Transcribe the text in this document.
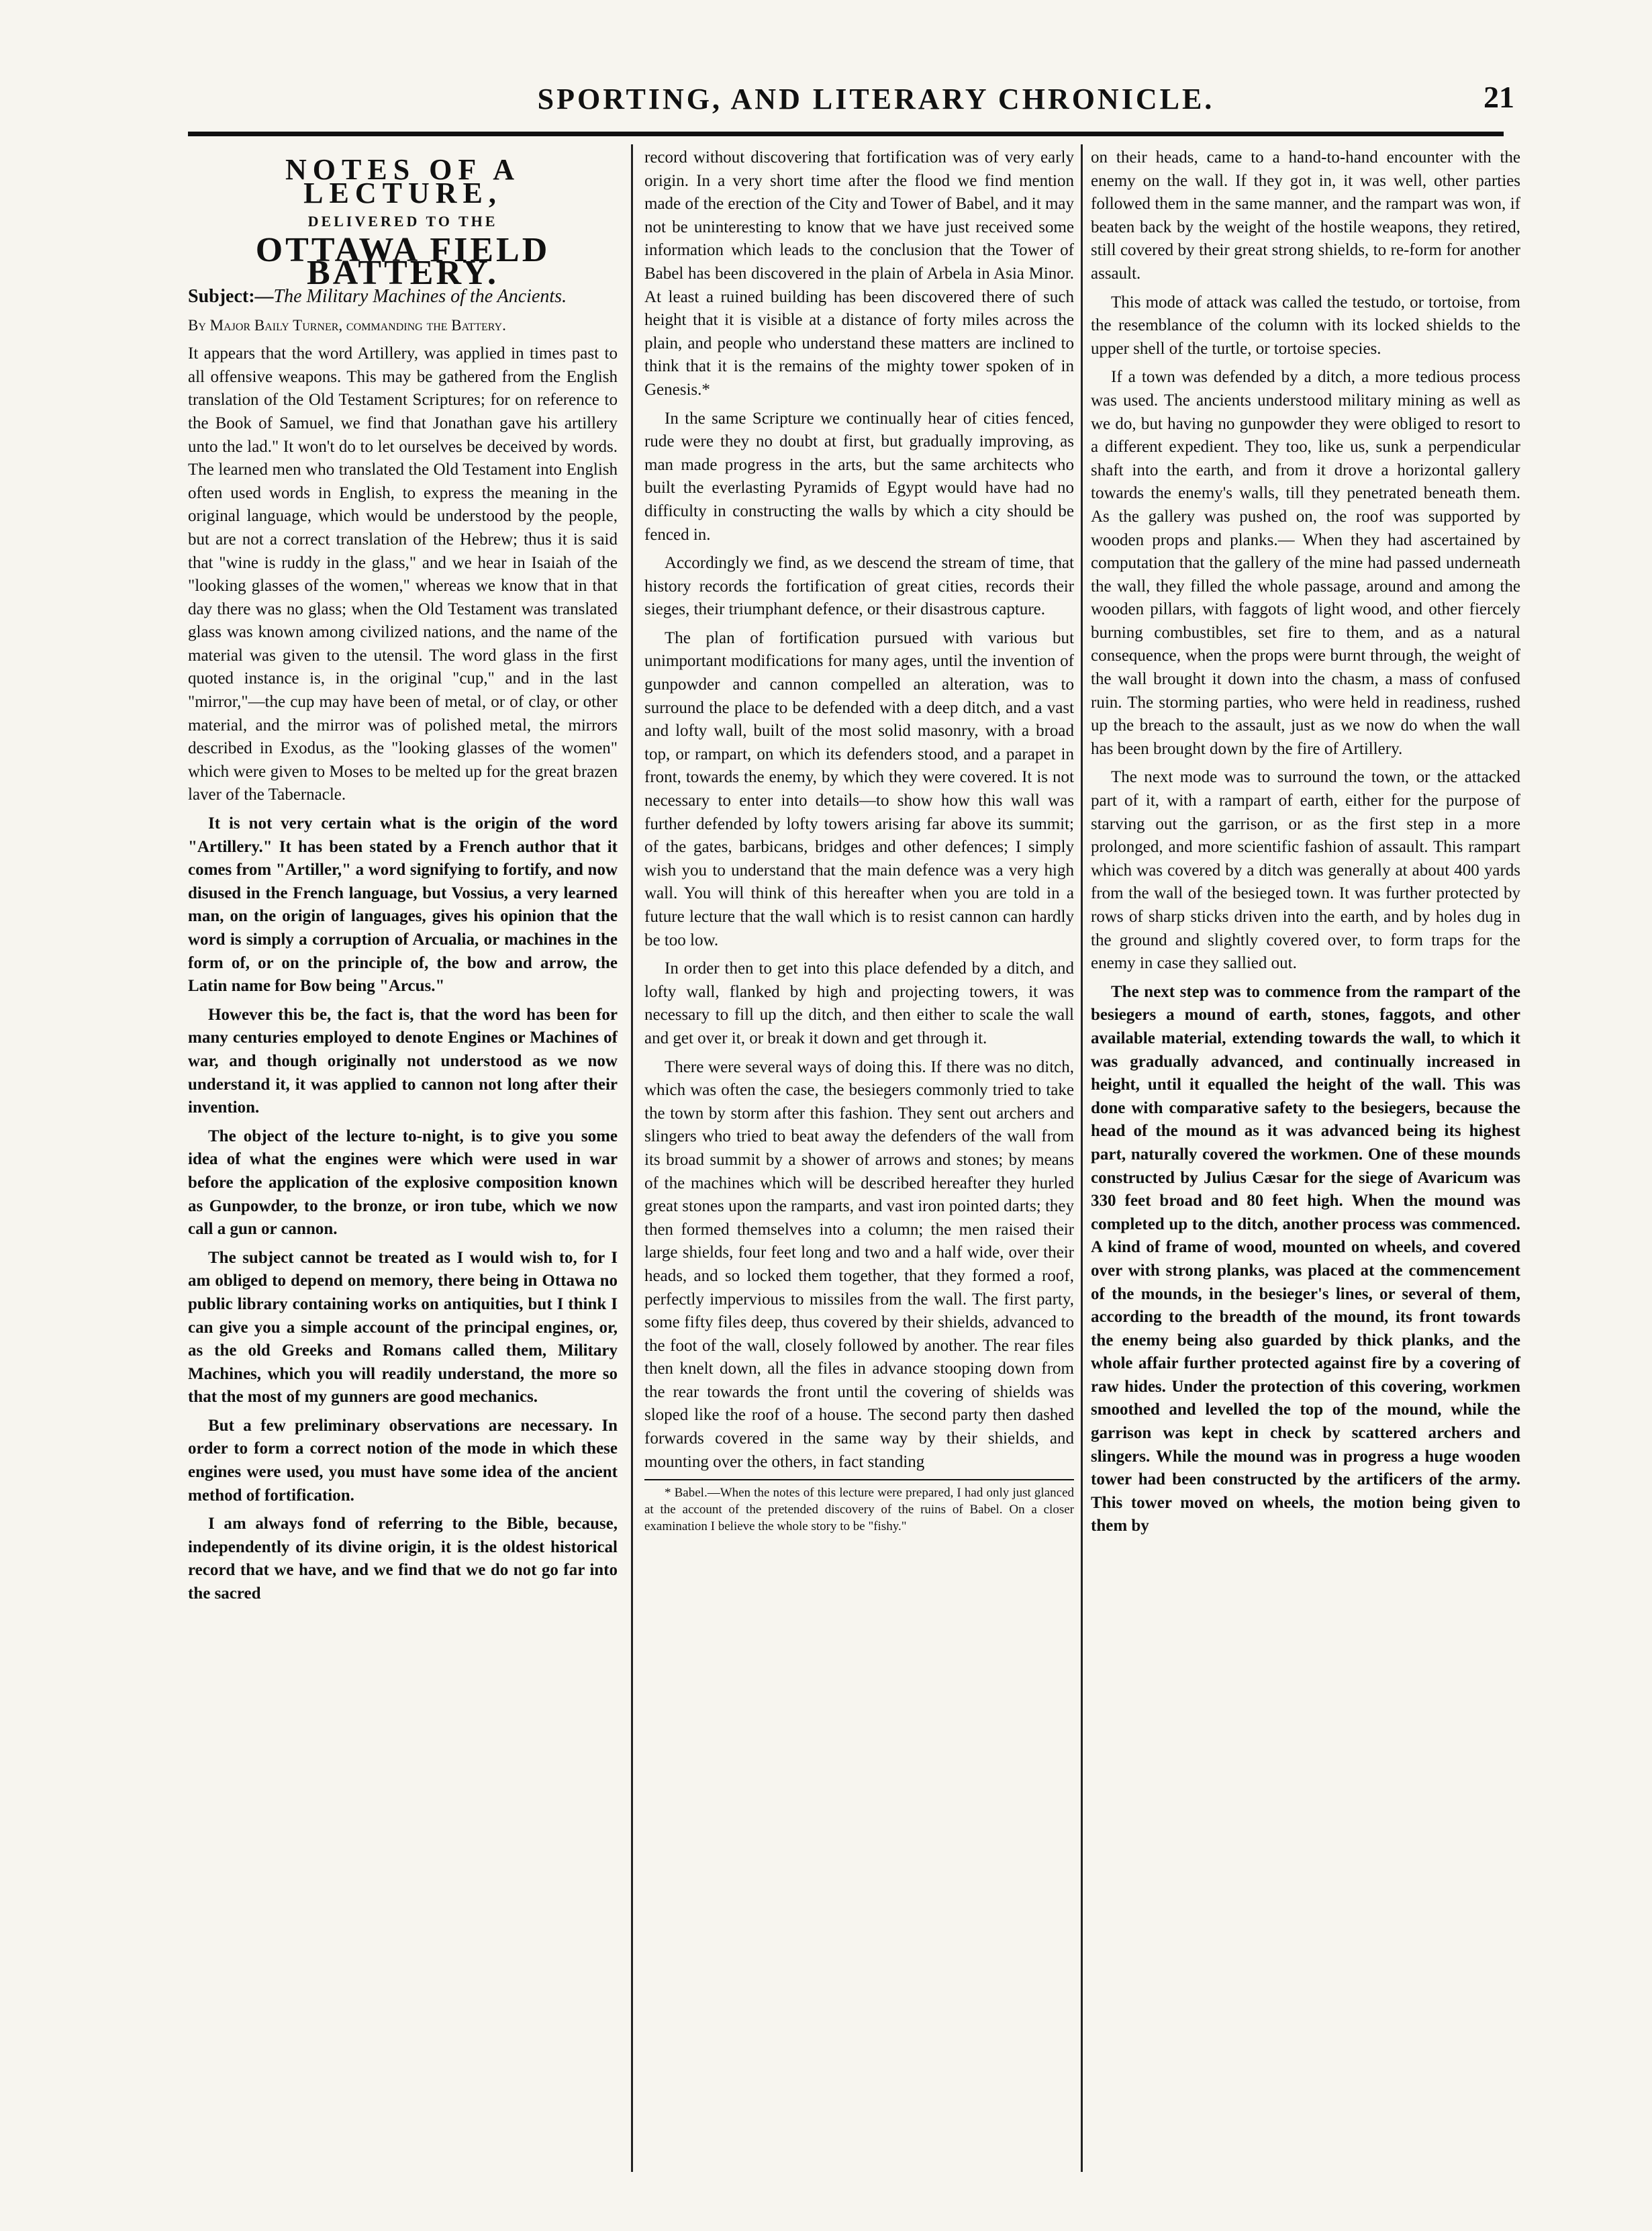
SPORTING, AND LITERARY CHRONICLE.	21
NOTES OF A LECTURE,
DELIVERED TO THE
OTTAWA FIELD BATTERY.

Subject:—The Military Machines of the Ancients.

By Major Baily Turner, commanding the Battery.

It appears that the word Artillery, was applied in times past to all offensive weapons. This may be gathered from the English translation of the Old Testament Scriptures; for on reference to the Book of Samuel, we find that Jonathan gave his artillery unto the lad." It won't do to let ourselves be deceived by words. The learned men who translated the Old Testament into English often used words in English, to express the meaning in the original language, which would be understood by the people, but are not a correct translation of the Hebrew; thus it is said that "wine is ruddy in the glass," and we hear in Isaiah of the "looking glasses of the women," whereas we know that in that day there was no glass; when the Old Testament was translated glass was known among civilized nations, and the name of the material was given to the utensil. The word glass in the first quoted instance is, in the original "cup," and in the last "mirror,"—the cup may have been of metal, or of clay, or other material, and the mirror was of polished metal, the mirrors described in Exodus, as the "looking glasses of the women" which were given to Moses to be melted up for the great brazen laver of the Tabernacle.

It is not very certain what is the origin of the word "Artillery." It has been stated by a French author that it comes from "Artiller," a word signifying to fortify, and now disused in the French language, but Vossius, a very learned man, on the origin of languages, gives his opinion that the word is simply a corruption of Arcualia, or machines in the form of, or on the principle of, the bow and arrow, the Latin name for Bow being "Arcus."

However this be, the fact is, that the word has been for many centuries employed to denote Engines or Machines of war, and though originally not understood as we now understand it, it was applied to cannon not long after their invention.

The object of the lecture to-night, is to give you some idea of what the engines were which were used in war before the application of the explosive composition known as Gunpowder, to the bronze, or iron tube, which we now call a gun or cannon.

The subject cannot be treated as I would wish to, for I am obliged to depend on memory, there being in Ottawa no public library containing works on antiquities, but I think I can give you a simple account of the principal engines, or, as the old Greeks and Romans called them, Military Machines, which you will readily understand, the more so that the most of my gunners are good mechanics.

But a few preliminary observations are necessary. In order to form a correct notion of the mode in which these engines were used, you must have some idea of the ancient method of fortification.

I am always fond of referring to the Bible, because, independently of its divine origin, it is the oldest historical record that we have, and we find that we do not go far into the sacred

record without discovering that fortification was of very early origin. In a very short time after the flood we find mention made of the erection of the City and Tower of Babel, and it may not be uninteresting to know that we have just received some information which leads to the conclusion that the Tower of Babel has been discovered in the plain of Arbela in Asia Minor. At least a ruined building has been discovered there of such height that it is visible at a distance of forty miles across the plain, and people who understand these matters are inclined to think that it is the remains of the mighty tower spoken of in Genesis.*

In the same Scripture we continually hear of cities fenced, rude were they no doubt at first, but gradually improving, as man made progress in the arts, but the same architects who built the everlasting Pyramids of Egypt would have had no difficulty in constructing the walls by which a city should be fenced in.

Accordingly we find, as we descend the stream of time, that history records the fortification of great cities, records their sieges, their triumphant defence, or their disastrous capture.

The plan of fortification pursued with various but unimportant modifications for many ages, until the invention of gunpowder and cannon compelled an alteration, was to surround the place to be defended with a deep ditch, and a vast and lofty wall, built of the most solid masonry, with a broad top, or rampart, on which its defenders stood, and a parapet in front, towards the enemy, by which they were covered. It is not necessary to enter into details—to show how this wall was further defended by lofty towers arising far above its summit; of the gates, barbicans, bridges and other defences; I simply wish you to understand that the main defence was a very high wall. You will think of this hereafter when you are told in a future lecture that the wall which is to resist cannon can hardly be too low.

In order then to get into this place defended by a ditch, and lofty wall, flanked by high and projecting towers, it was necessary to fill up the ditch, and then either to scale the wall and get over it, or break it down and get through it.

There were several ways of doing this. If there was no ditch, which was often the case, the besiegers commonly tried to take the town by storm after this fashion. They sent out archers and slingers who tried to beat away the defenders of the wall from its broad summit by a shower of arrows and stones; by means of the machines which will be described hereafter they hurled great stones upon the ramparts, and vast iron pointed darts; they then formed themselves into a column; the men raised their large shields, four feet long and two and a half wide, over their heads, and so locked them together, that they formed a roof, perfectly impervious to missiles from the wall. The first party, some fifty files deep, thus covered by their shields, advanced to the foot of the wall, closely followed by another. The rear files then knelt down, all the files in advance stooping down from the rear towards the front until the covering of shields was sloped like the roof of a house. The second party then dashed forwards covered in the same way by their shields, and mounting over the others, in fact standing

* Babel.—When the notes of this lecture were prepared, I had only just glanced at the account of the pretended discovery of the ruins of Babel. On a closer examination I believe the whole story to be "fishy."

on their heads, came to a hand-to-hand encounter with the enemy on the wall. If they got in, it was well, other parties followed them in the same manner, and the rampart was won, if beaten back by the weight of the hostile weapons, they retired, still covered by their great strong shields, to re-form for another assault.

This mode of attack was called the testudo, or tortoise, from the resemblance of the column with its locked shields to the upper shell of the turtle, or tortoise species.

If a town was defended by a ditch, a more tedious process was used. The ancients understood military mining as well as we do, but having no gunpowder they were obliged to resort to a different expedient. They too, like us, sunk a perpendicular shaft into the earth, and from it drove a horizontal gallery towards the enemy's walls, till they penetrated beneath them. As the gallery was pushed on, the roof was supported by wooden props and planks.— When they had ascertained by computation that the gallery of the mine had passed underneath the wall, they filled the whole passage, around and among the wooden pillars, with faggots of light wood, and other fiercely burning combustibles, set fire to them, and as a natural consequence, when the props were burnt through, the weight of the wall brought it down into the chasm, a mass of confused ruin. The storming parties, who were held in readiness, rushed up the breach to the assault, just as we now do when the wall has been brought down by the fire of Artillery.

The next mode was to surround the town, or the attacked part of it, with a rampart of earth, either for the purpose of starving out the garrison, or as the first step in a more prolonged, and more scientific fashion of assault. This rampart which was covered by a ditch was generally at about 400 yards from the wall of the besieged town. It was further protected by rows of sharp sticks driven into the earth, and by holes dug in the ground and slightly covered over, to form traps for the enemy in case they sallied out.

The next step was to commence from the rampart of the besiegers a mound of earth, stones, faggots, and other available material, extending towards the wall, to which it was gradually advanced, and continually increased in height, until it equalled the height of the wall. This was done with comparative safety to the besiegers, because the head of the mound as it was advanced being its highest part, naturally covered the workmen. One of these mounds constructed by Julius Cæsar for the siege of Avaricum was 330 feet broad and 80 feet high. When the mound was completed up to the ditch, another process was commenced. A kind of frame of wood, mounted on wheels, and covered over with strong planks, was placed at the commencement of the mounds, in the besieger's lines, or several of them, according to the breadth of the mound, its front towards the enemy being also guarded by thick planks, and the whole affair further protected against fire by a covering of raw hides. Under the protection of this covering, workmen smoothed and levelled the top of the mound, while the garrison was kept in check by scattered archers and slingers. While the mound was in progress a huge wooden tower had been constructed by the artificers of the army. This tower moved on wheels, the motion being given to them by
